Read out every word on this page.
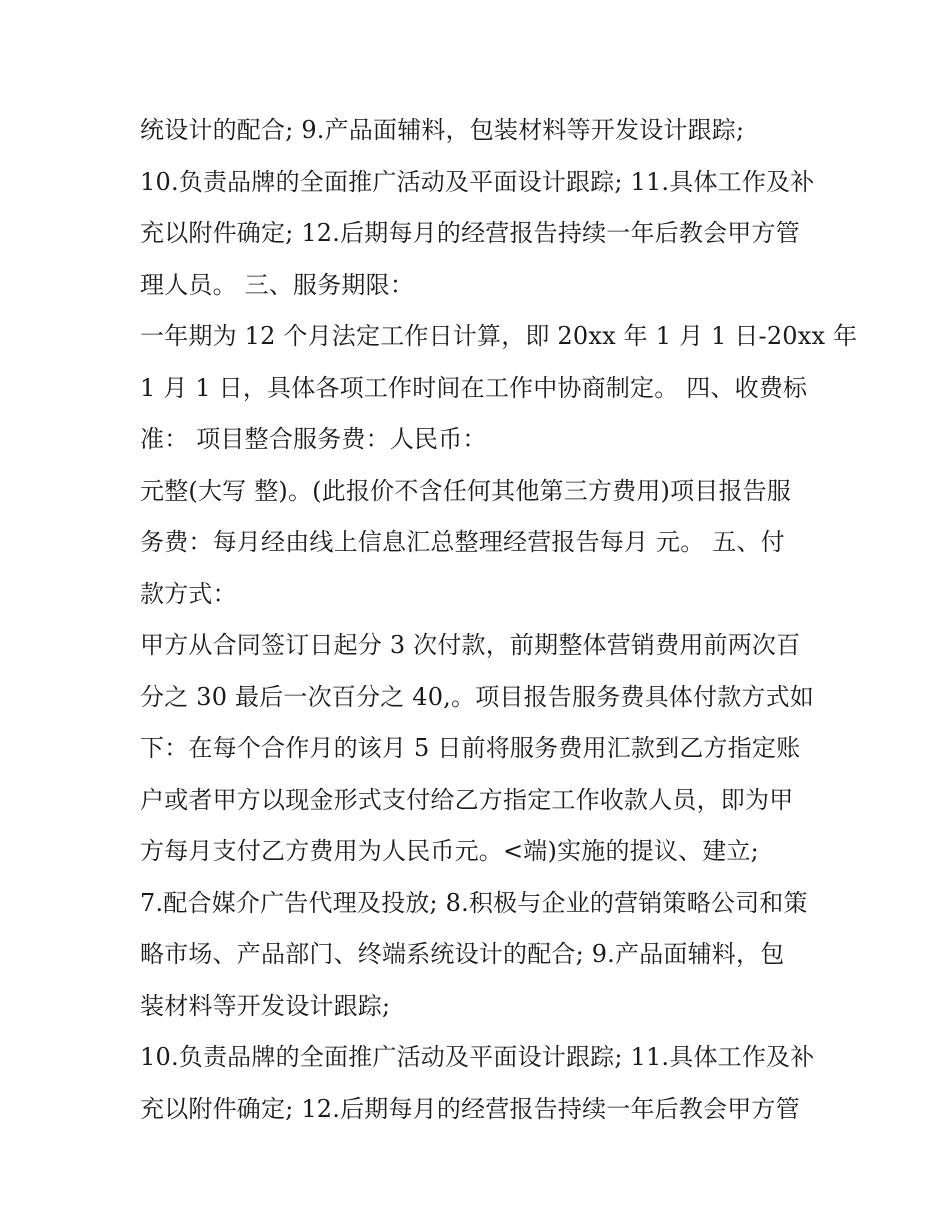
统设计的配合; 9.产品面辅料，包装材料等开发设计跟踪;
10.负责品牌的全面推广活动及平面设计跟踪; 11.具体工作及补
充以附件确定; 12.后期每月的经营报告持续一年后教会甲方管
理人员。 三、服务期限：
一年期为 12 个月法定工作日计算，即 20xx 年 1 月 1 日-20xx 年
1 月 1 日，具体各项工作时间在工作中协商制定。 四、收费标
准： 项目整合服务费：人民币：
元整(大写 整)。(此报价不含任何其他第三方费用)项目报告服
务费：每月经由线上信息汇总整理经营报告每月 元。 五、付
款方式：
甲方从合同签订日起分 3 次付款，前期整体营销费用前两次百
分之 30 最后一次百分之 40,。项目报告服务费具体付款方式如
下：在每个合作月的该月 5 日前将服务费用汇款到乙方指定账
户或者甲方以现金形式支付给乙方指定工作收款人员，即为甲
方每月支付乙方费用为人民币元。<端)实施的提议、建立;
7.配合媒介广告代理及投放; 8.积极与企业的营销策略公司和策
略市场、产品部门、终端系统设计的配合; 9.产品面辅料，包
装材料等开发设计跟踪;
10.负责品牌的全面推广活动及平面设计跟踪; 11.具体工作及补
充以附件确定; 12.后期每月的经营报告持续一年后教会甲方管
